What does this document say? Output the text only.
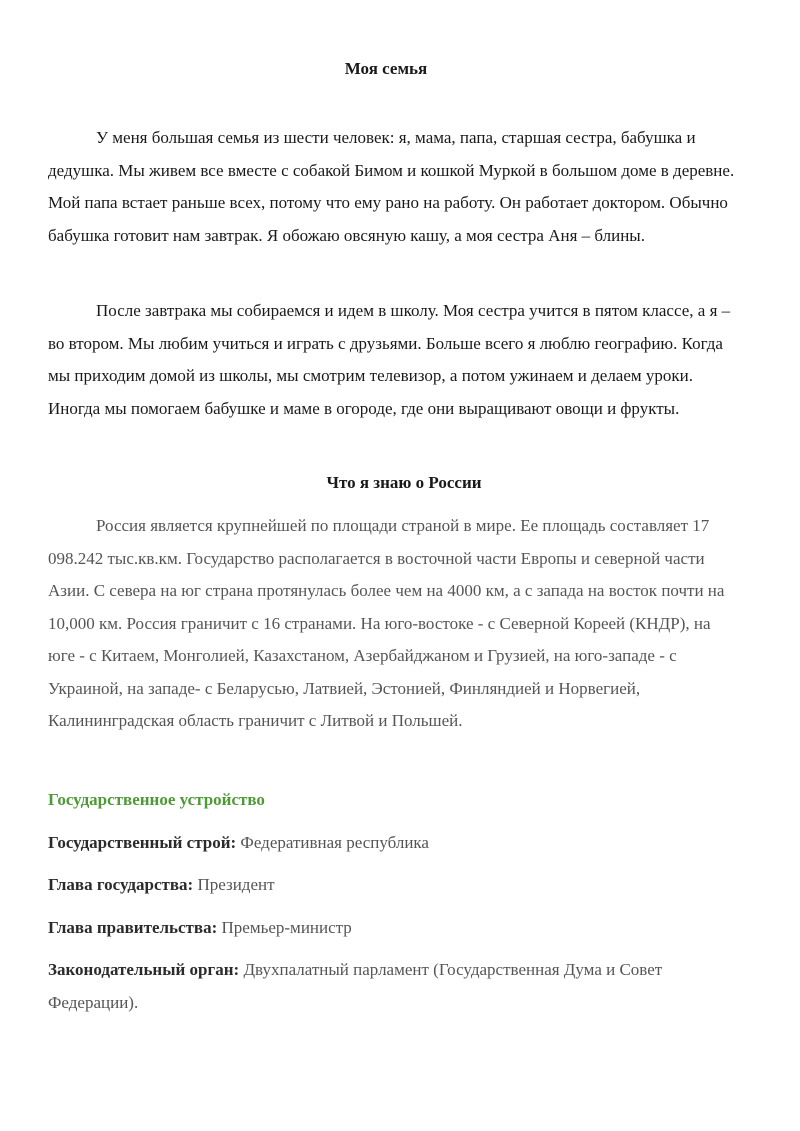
Моя семья

У меня большая семья из шести человек: я, мама, папа, старшая сестра, бабушка и дедушка. Мы живем все вместе с собакой Бимом и кошкой Муркой в большом доме в деревне. Мой папа встает раньше всех, потому что ему рано на работу. Он работает доктором. Обычно бабушка готовит нам завтрак. Я обожаю овсяную кашу, а моя сестра Аня – блины.

После завтрака мы собираемся и идем в школу. Моя сестра учится в пятом классе, а я – во втором. Мы любим учиться и играть с друзьями. Больше всего я люблю географию. Когда мы приходим домой из школы, мы смотрим телевизор, а потом ужинаем и делаем уроки. Иногда мы помогаем бабушке и маме в огороде, где они выращивают овощи и фрукты.

Что я знаю о России

Россия является крупнейшей по площади страной в мире. Ее площадь составляет 17 098.242 тыс.кв.км. Государство располагается в восточной части Европы и северной части Азии. С севера на юг страна протянулась более чем на 4000 км, а с запада на восток почти на 10,000 км. Россия граничит с 16 странами. На юго-востоке - с Северной Кореей (КНДР), на юге - с Китаем, Монголией, Казахстаном, Азербайджаном и Грузией, на юго-западе - с Украиной, на западе- с Беларусью, Латвией, Эстонией, Финляндией и Норвегией, Калининградская область граничит с Литвой и Польшей.

Государственное устройство

Государственный строй: Федеративная республика

Глава государства: Президент

Глава правительства: Премьер-министр

Законодательный орган: Двухпалатный парламент (Государственная Дума и Совет Федерации).
